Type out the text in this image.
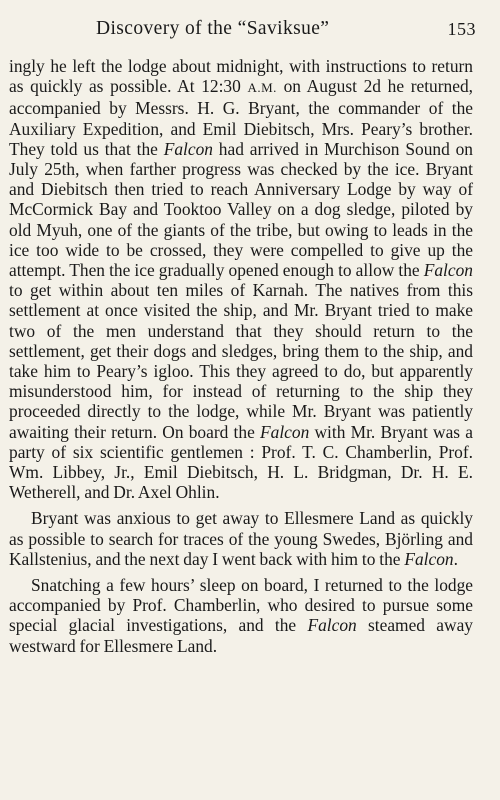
Discovery of the “Saviksue”	153

ingly he left the lodge about midnight, with instructions to return as quickly as possible. At 12:30 A.M. on August 2d he returned, accompanied by Messrs. H. G. Bryant, the commander of the Auxiliary Expedition, and Emil Diebitsch, Mrs. Peary’s brother. They told us that the Falcon had arrived in Murchison Sound on July 25th, when farther progress was checked by the ice. Bryant and Diebitsch then tried to reach Anniversary Lodge by way of McCormick Bay and Tooktoo Valley on a dog sledge, piloted by old Myuh, one of the giants of the tribe, but owing to leads in the ice too wide to be crossed, they were compelled to give up the attempt. Then the ice gradually opened enough to allow the Falcon to get within about ten miles of Karnah. The natives from this settlement at once visited the ship, and Mr. Bryant tried to make two of the men understand that they should return to the settlement, get their dogs and sledges, bring them to the ship, and take him to Peary’s igloo. This they agreed to do, but apparently misunderstood him, for instead of returning to the ship they proceeded directly to the lodge, while Mr. Bryant was patiently awaiting their return. On board the Falcon with Mr. Bryant was a party of six scientific gentlemen : Prof. T. C. Chamberlin, Prof. Wm. Libbey, Jr., Emil Diebitsch, H. L. Bridgman, Dr. H. E. Wetherell, and Dr. Axel Ohlin.

Bryant was anxious to get away to Ellesmere Land as quickly as possible to search for traces of the young Swedes, Björling and Kallstenius, and the next day I went back with him to the Falcon.

Snatching a few hours’ sleep on board, I returned to the lodge accompanied by Prof. Chamberlin, who desired to pursue some special glacial investigations, and the Falcon steamed away westward for Ellesmere Land.
